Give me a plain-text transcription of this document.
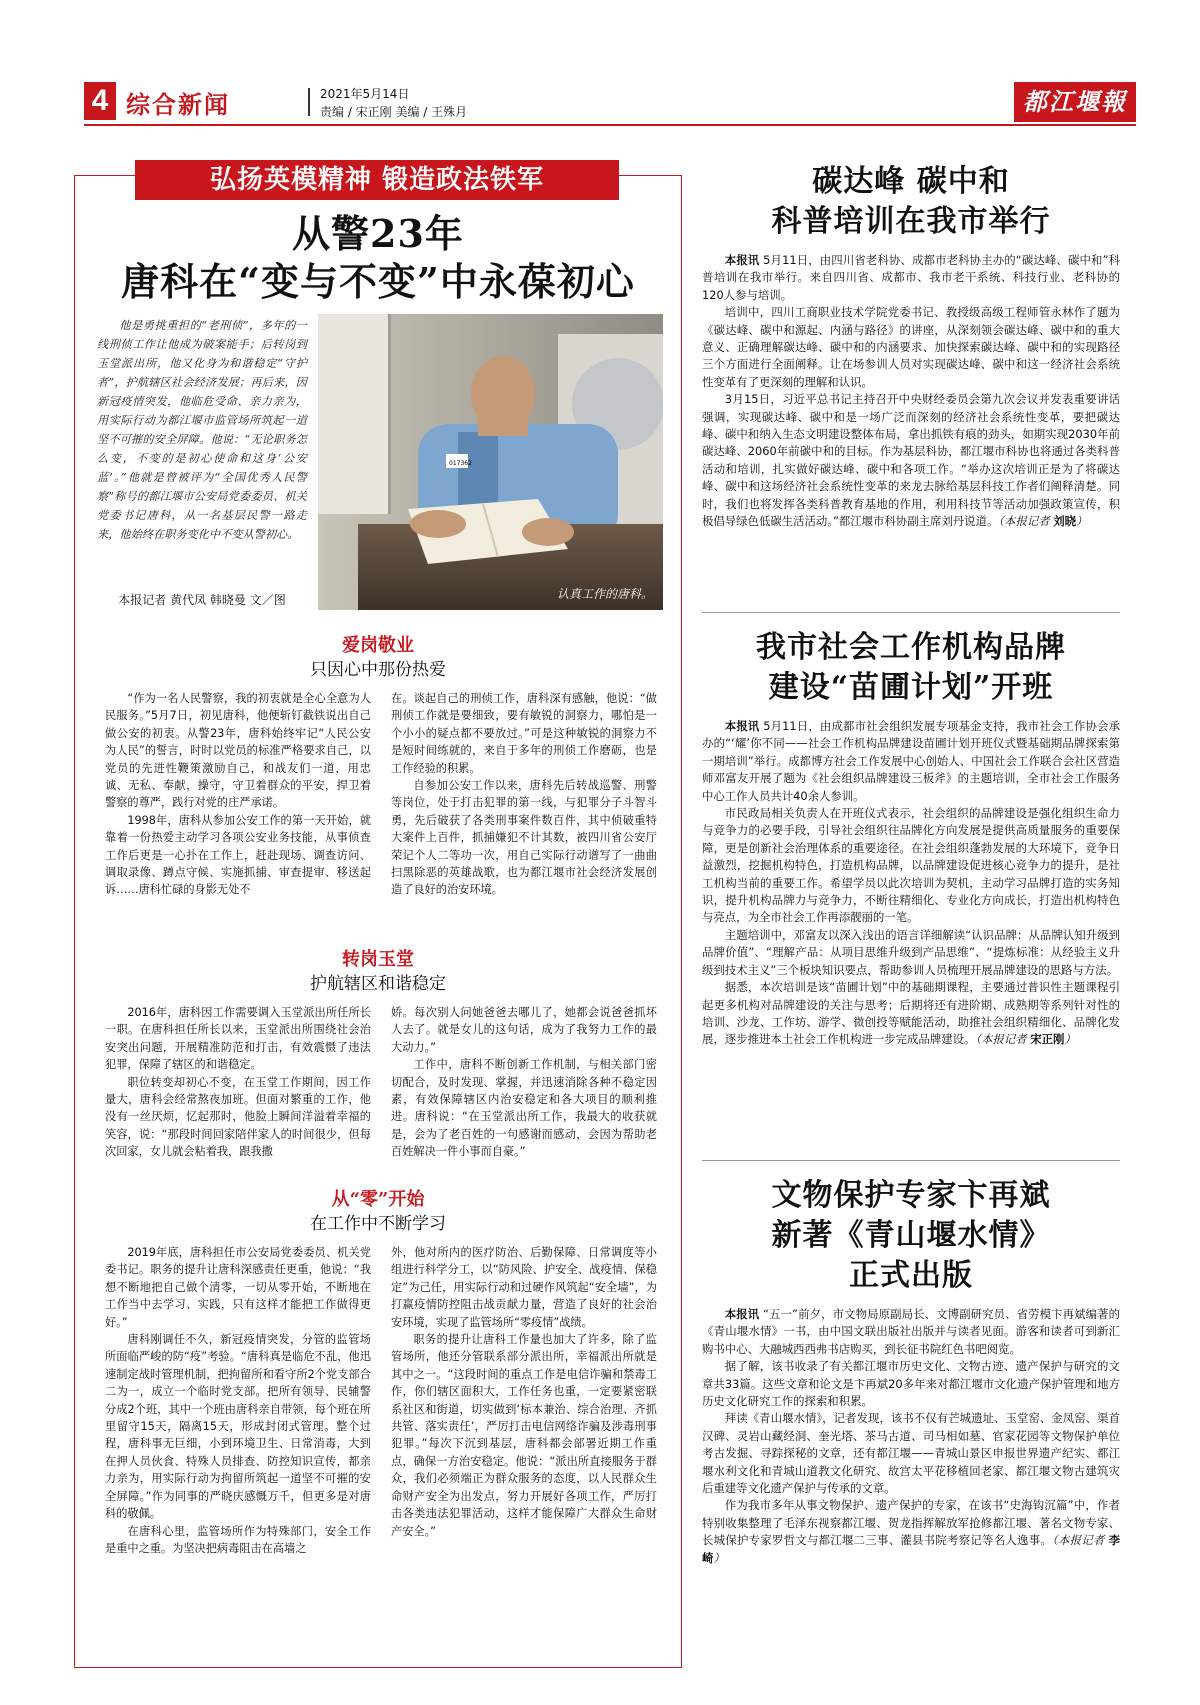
4 综合新闻	2021年5月14日
责编 / 宋正刚 美编 / 王殊月	都江堰報
弘扬英模精神 锻造政法铁军
从警23年
唐科在“变与不变”中永葆初心

他是勇挑重担的“老刑侦”，多年的一线刑侦工作让他成为破案能手；后转岗到玉堂派出所，他又化身为和谐稳定“守护者”，护航辖区社会经济发展；再后来，因新冠疫情突发，他临危受命、亲力亲为，用实际行动为都江堰市监管场所筑起一道坚不可摧的安全屏障。他说：“无论职务怎么变，不变的是初心使命和这身‘公安蓝’。”他就是曾被评为“全国优秀人民警察”称号的都江堰市公安局党委委员、机关党委书记唐科，从一名基层民警一路走来，他始终在职务变化中不变从警初心。

本报记者 黄代凤 韩晓曼 文／图
017362
认真工作的唐科。
爱岗敬业
只因心中那份热爱

“作为一名人民警察，我的初衷就是全心全意为人民服务。”5月7日，初见唐科，他便斩钉截铁说出自己做公安的初衷。从警23年，唐科始终牢记“人民公安为人民”的誓言，时时以党员的标准严格要求自己，以党员的先进性鞭策激励自己，和战友们一道，用忠诚、无私、奉献，操守，守卫着群众的平安，捍卫着警察的尊严，践行对党的庄严承诺。

1998年，唐科从参加公安工作的第一天开始，就靠着一份热爱主动学习各项公安业务技能，从事侦查工作后更是一心扑在工作上，赶赴现场、调查访问、调取录像、蹲点守候、实施抓捕、审查提审、移送起诉……唐科忙碌的身影无处不

在。谈起自己的刑侦工作，唐科深有感触，他说：“做刑侦工作就是要细致，要有敏锐的洞察力，哪怕是一个小小的疑点都不要放过。”可是这种敏锐的洞察力不是短时间练就的，来自于多年的刑侦工作磨砺，也是工作经验的积累。

自参加公安工作以来，唐科先后转战巡警、刑警等岗位，处于打击犯罪的第一线，与犯罪分子斗智斗勇，先后破获了各类刑事案件数百件，其中侦破重特大案件上百件，抓捕嫌犯不计其数，被四川省公安厅荣记个人二等功一次，用自己实际行动谱写了一曲曲扫黑除恶的英雄战歌，也为都江堰市社会经济发展创造了良好的治安环境。

转岗玉堂
护航辖区和谐稳定

2016年，唐科因工作需要调入玉堂派出所任所长一职。在唐科担任所长以来，玉堂派出所围绕社会治安突出问题，开展精准防范和打击，有效震慑了违法犯罪，保障了辖区的和谐稳定。

职位转变却初心不变，在玉堂工作期间，因工作量大，唐科会经常熬夜加班。但面对繁重的工作，他没有一丝厌烦，忆起那时，他脸上瞬间洋溢着幸福的笑容，说：“那段时间回家陪伴家人的时间很少，但每次回家，女儿就会粘着我，跟我撒

娇。每次别人问她爸爸去哪儿了，她都会说爸爸抓坏人去了。就是女儿的这句话，成为了我努力工作的最大动力。”

工作中，唐科不断创新工作机制，与相关部门密切配合，及时发现、掌握，并迅速消除各种不稳定因素，有效保障辖区内治安稳定和各大项目的顺利推进。唐科说：“在玉堂派出所工作，我最大的收获就是，会为了老百姓的一句感谢而感动，会因为帮助老百姓解决一件小事而自豪。”

从“零”开始
在工作中不断学习

2019年底，唐科担任市公安局党委委员、机关党委书记。职务的提升让唐科深感责任更重，他说：“我想不断地把自己做个清零，一切从零开始，不断地在工作当中去学习、实践，只有这样才能把工作做得更好。”

唐科刚调任不久，新冠疫情突发，分管的监管场所面临严峻的防“疫”考验。“唐科真是临危不乱，他迅速制定战时管理机制，把拘留所和看守所2个党支部合二为一，成立一个临时党支部。把所有领导、民辅警分成2个班，其中一个班由唐科亲自带领，每个班在所里留守15天，隔离15天，形成封闭式管理。整个过程，唐科事无巨细，小到环境卫生、日常消毒，大到在押人员伙食、特殊人员排查、防控知识宣传，都亲力亲为，用实际行动为拘留所筑起一道坚不可摧的安全屏障。”作为同事的严晓庆感慨万千，但更多是对唐科的敬佩。

在唐科心里，监管场所作为特殊部门，安全工作是重中之重。为坚决把病毒阻击在高墙之

外，他对所内的医疗防治、后勤保障、日常调度等小组进行科学分工，以“防风险、护安全、战疫情、保稳定”为己任，用实际行动和过硬作风筑起“安全墙”，为打赢疫情防控阻击战贡献力量，营造了良好的社会治安环境，实现了监管场所“零疫情”战绩。

职务的提升让唐科工作量也加大了许多，除了监管场所，他还分管联系部分派出所，幸福派出所就是其中之一。“这段时间的重点工作是电信诈骗和禁毒工作，你们辖区面积大，工作任务也重，一定要紧密联系社区和街道，切实做到‘标本兼治、综合治理、齐抓共管、落实责任’，严厉打击电信网络诈骗及涉毒刑事犯罪。”每次下沉到基层，唐科都会部署近期工作重点，确保一方治安稳定。他说：“派出所直接服务于群众，我们必须端正为群众服务的态度，以人民群众生命财产安全为出发点，努力开展好各项工作，严厉打击各类违法犯罪活动，这样才能保障广大群众生命财产安全。”

碳达峰 碳中和
科普培训在我市举行

本报讯 5月11日，由四川省老科协、成都市老科协主办的“碳达峰、碳中和”科普培训在我市举行。来自四川省、成都市、我市老干系统、科技行业、老科协的120人参与培训。

培训中，四川工商职业技术学院党委书记、教授级高级工程师管永林作了题为《碳达峰、碳中和源起、内涵与路径》的讲座，从深刻领会碳达峰、碳中和的重大意义、正确理解碳达峰、碳中和的内涵要求、加快探索碳达峰、碳中和的实现路径三个方面进行全面阐释。让在场参训人员对实现碳达峰、碳中和这一经济社会系统性变革有了更深刻的理解和认识。

3月15日，习近平总书记主持召开中央财经委员会第九次会议并发表重要讲话强调，实现碳达峰、碳中和是一场广泛而深刻的经济社会系统性变革，要把碳达峰、碳中和纳入生态文明建设整体布局，拿出抓铁有痕的劲头，如期实现2030年前碳达峰、2060年前碳中和的目标。作为基层科协，都江堰市科协也将通过各类科普活动和培训，扎实做好碳达峰、碳中和各项工作。“举办这次培训正是为了将碳达峰、碳中和这场经济社会系统性变革的来龙去脉给基层科技工作者们阐释清楚。同时，我们也将发挥各类科普教育基地的作用，利用科技节等活动加强政策宣传，积极倡导绿色低碳生活活动。”都江堰市科协副主席刘丹说道。（本报记者 刘晓）

我市社会工作机构品牌
建设“苗圃计划”开班

本报讯 5月11日，由成都市社会组织发展专项基金支持，我市社会工作协会承办的“‘耀’你不同——社会工作机构品牌建设苗圃计划开班仪式暨基础期品牌探索第一期培训”举行。成都博方社会工作发展中心创始人、中国社会工作联合会社区营造师邓富友开展了题为《社会组织品牌建设三板斧》的主题培训，全市社会工作服务中心工作人员共计40余人参训。

市民政局相关负责人在开班仪式表示，社会组织的品牌建设是强化组织生命力与竞争力的必要手段，引导社会组织往品牌化方向发展是提供高质量服务的重要保障，更是创新社会治理体系的重要途径。在社会组织蓬勃发展的大环境下，竞争日益激烈，挖掘机构特色，打造机构品牌，以品牌建设促进核心竞争力的提升，是社工机构当前的重要工作。希望学员以此次培训为契机，主动学习品牌打造的实务知识，提升机构品牌力与竞争力，不断往精细化、专业化方向成长，打造出机构特色与亮点，为全市社会工作再添靓丽的一笔。

主题培训中，邓富友以深入浅出的语言详细解读“认识品牌：从品牌认知升级到品牌价值”、“理解产品：从项目思维升级到产品思维”、“提炼标准：从经验主义升级到技术主义”三个板块知识要点，帮助参训人员梳理开展品牌建设的思路与方法。

据悉，本次培训是该“苗圃计划”中的基础期课程，主要通过普识性主题课程引起更多机构对品牌建设的关注与思考；后期将还有进阶期、成熟期等系列针对性的培训、沙龙、工作坊、游学、微创投等赋能活动，助推社会组织精细化、品牌化发展，逐步推进本土社会工作机构进一步完成品牌建设。（本报记者 宋正刚）

文物保护专家卞再斌
新著《青山堰水情》
正式出版

本报讯 “五一”前夕，市文物局原副局长、文博副研究员、省劳模卞再斌编著的《青山堰水情》一书，由中国文联出版社出版并与读者见面。游客和读者可到新汇购书中心、大融城西西弗书店购买，到长征书院红色书吧阅览。

据了解，该书收录了有关都江堰市历史文化、文物古迹、遗产保护与研究的文章共33篇。这些文章和论文是卞再斌20多年来对都江堰市文化遗产保护管理和地方历史文化研究工作的探索和积累。

拜读《青山堰水情》，记者发现，该书不仅有芒城遗址、玉堂窑、金凤窑、渠首汉碑、灵岩山藏经洞、奎光塔、茶马古道、司马相如墓、官家花园等文物保护单位考古发掘、寻踪探秘的文章，还有都江堰——青城山景区申报世界遗产纪实、都江堰水利文化和青城山道教文化研究、故宫太平花移植回老家、都江堰文物古建筑灾后重建等文化遗产保护与传承的文章。

作为我市多年从事文物保护、遗产保护的专家，在该书“史海钩沉篇”中，作者特别收集整理了毛泽东视察都江堰、贺龙指挥解放军抢修都江堰、著名文物专家、长城保护专家罗哲文与都江堰二三事、灌县书院考察记等名人逸事。（本报记者 李崎）
